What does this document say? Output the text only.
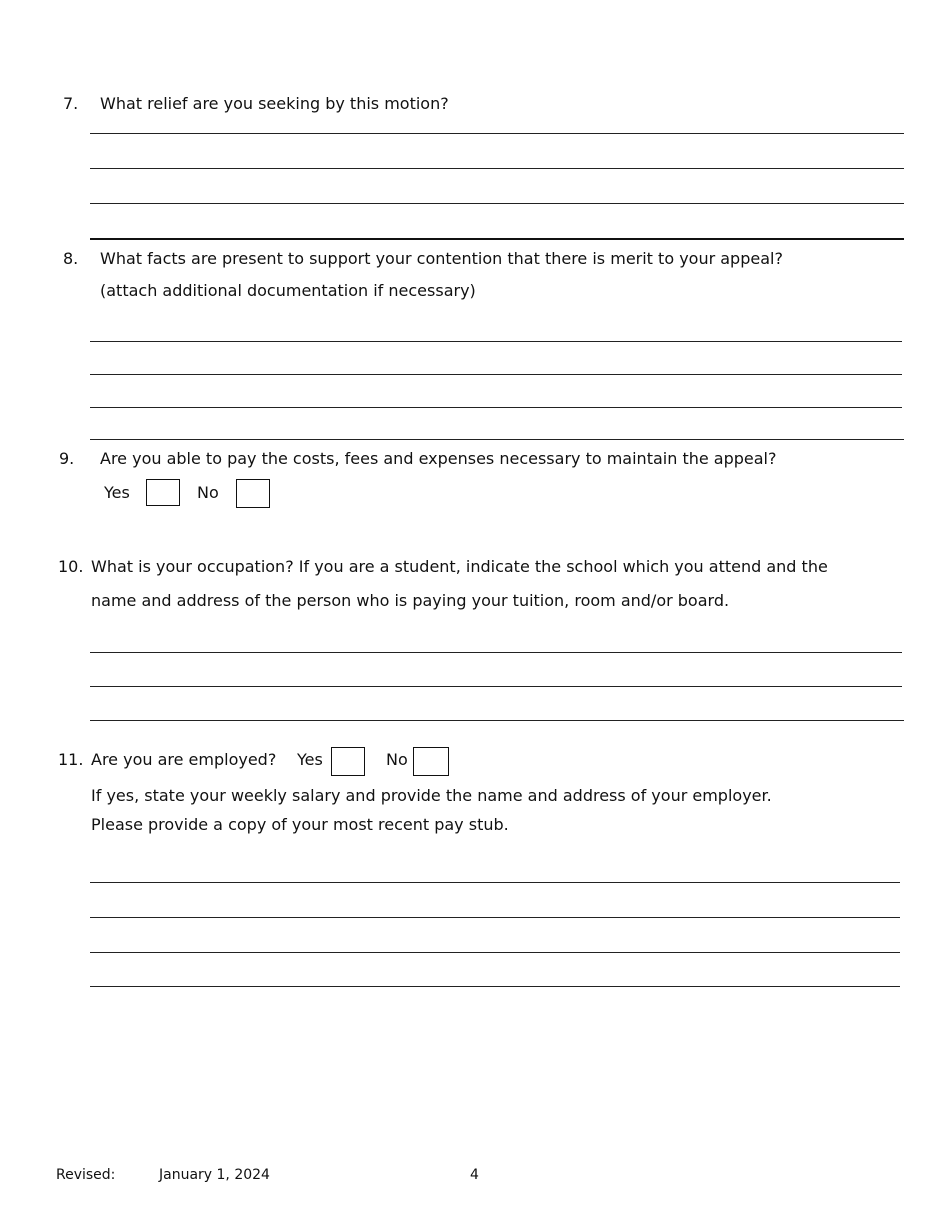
7. What relief are you seeking by this motion?
8. What facts are present to support your contention that there is merit to your appeal?
(attach additional documentation if necessary)
9. Are you able to pay the costs, fees and expenses necessary to maintain the appeal?
Yes	No
10. What is your occupation? If you are a student, indicate the school which you attend and the
name and address of the person who is paying your tuition, room and/or board.
11. Are you are employed? Yes	No
If yes, state your weekly salary and provide the name and address of your employer.
Please provide a copy of your most recent pay stub.
Revised:	January 1, 2024	4
